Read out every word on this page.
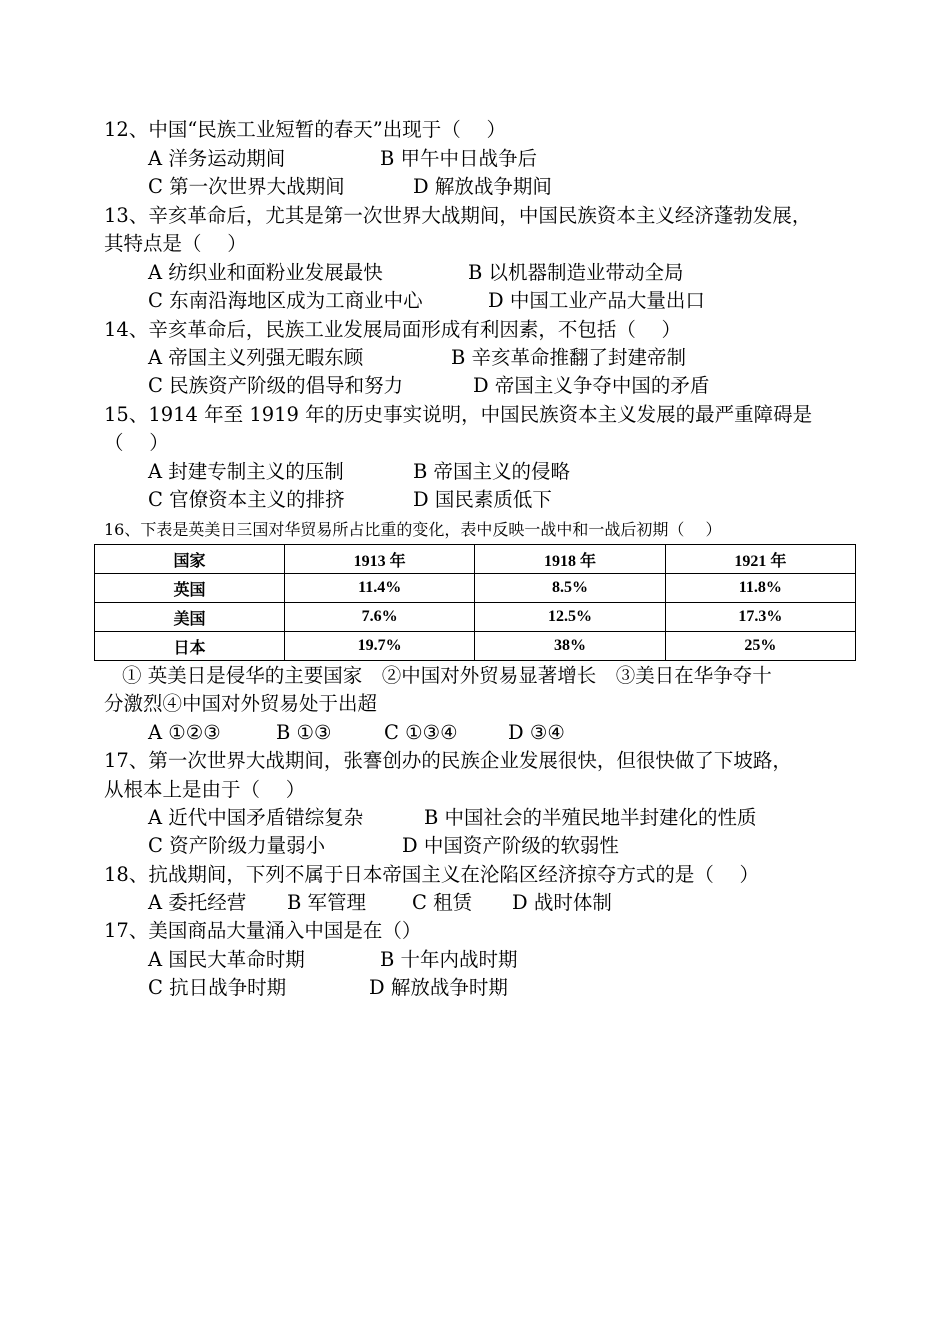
12、中国“民族工业短暂的春天”出现于（　 ）
A 洋务运动期间	B 甲午中日战争后
C 第一次世界大战期间	D 解放战争期间
13、辛亥革命后，尤其是第一次世界大战期间，中国民族资本主义经济蓬勃发展，
其特点是（　 ）
A 纺织业和面粉业发展最快	B 以机器制造业带动全局
C 东南沿海地区成为工商业中心	D 中国工业产品大量出口
14、辛亥革命后，民族工业发展局面形成有利因素，不包括（　 ）
A 帝国主义列强无暇东顾	B 辛亥革命推翻了封建帝制
C 民族资产阶级的倡导和努力	D 帝国主义争夺中国的矛盾
15、1914 年至 1919 年的历史事实说明，中国民族资本主义发展的最严重障碍是
（　 ）
A 封建专制主义的压制	B 帝国主义的侵略
C 官僚资本主义的排挤	D 国民素质低下
16、下表是英美日三国对华贸易所占比重的变化，表中反映一战中和一战后初期（　 ）
国家	1913 年	1918 年	1921 年
英国	11.4%	8.5%	11.8%
美国	7.6%	12.5%	17.3%
日本	19.7%	38%	25%
① 英美日是侵华的主要国家　②中国对外贸易显著增长　③美日在华争夺十
分激烈④中国对外贸易处于出超
A ①②③	B ①③	C ①③④	D ③④
17、第一次世界大战期间，张謇创办的民族企业发展很快，但很快做了下坡路，
从根本上是由于（　 ）
A 近代中国矛盾错综复杂	B 中国社会的半殖民地半封建化的性质
C 资产阶级力量弱小	D 中国资产阶级的软弱性
18、抗战期间，下列不属于日本帝国主义在沦陷区经济掠夺方式的是（　 ）
A 委托经营 B 军管理 C 租赁 D 战时体制
17、美国商品大量涌入中国是在（）
A 国民大革命时期	B 十年内战时期
C 抗日战争时期	D 解放战争时期
